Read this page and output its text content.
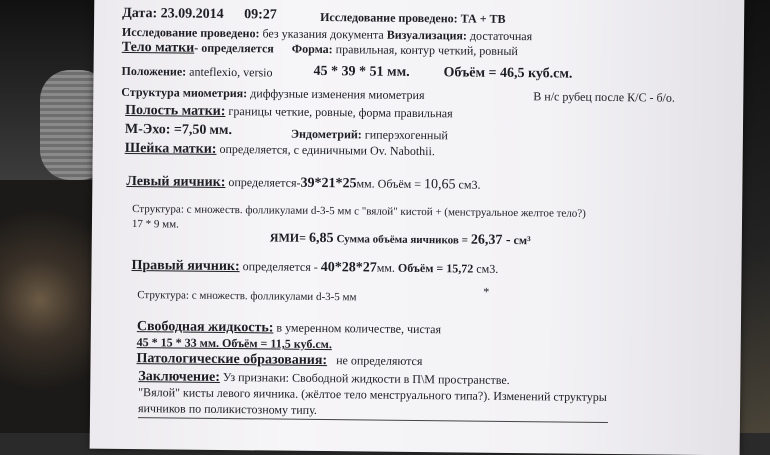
Дата: 23.09.2014 09:27	Исследование проведено: ТА + ТВ
Исследование проведено: без указания документа Визуализация: достаточная
Тело матки- определяется Форма: правильная, контур четкий, ровный
Положение: anteflexio, versio	45 * 39 * 51 мм. Объём = 46,5 куб.см.
Структура миометрия: диффузные изменения миометрия	В н/с рубец после К/С - б/о.
Полость матки: границы четкие, ровные, форма правильная
М-Эхо: =7,50 мм.	Эндометрий: гиперэхогенный
Шейка матки: определяется, с единичными Ov. Nabothii.
Левый яичник: определяется-39*21*25мм. Объём = 10,65 см3.
Структура: с множеств. фолликулами d-3-5 мм с "вялой" кистой + (менструальное желтое тело?)
17 * 9 мм.
ЯМИ= 6,85 Сумма объёма яичников = 26,37 - см³
Правый яичник: определяется - 40*28*27мм. Объём = 15,72 см3.
Структура: с множеств. фолликулами d-3-5 мм	*
Свободная жидкость: в умеренном количестве, чистая
45 * 15 * 33 мм. Объём = 11,5 куб.см.
Патологические образования: не определяются
Заключение: Уз признаки: Свободной жидкости в П\М пространстве.
"Вялой" кисты левого яичника. (жёлтое тело менструального типа?). Изменений структуры
яичников по поликистозному типу.
